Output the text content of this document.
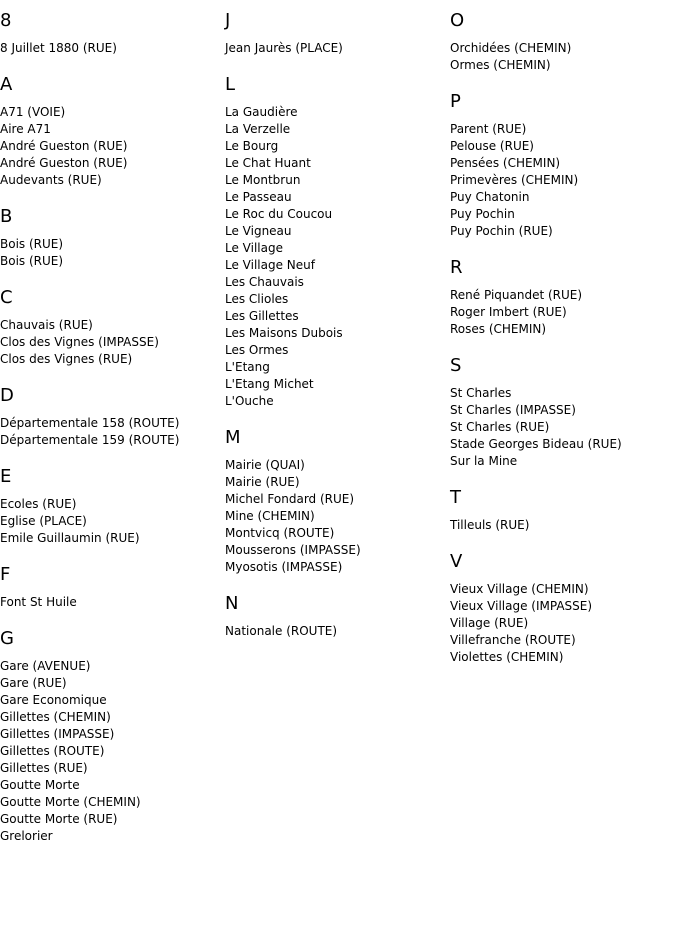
8
8 Juillet 1880 (RUE)
A
A71 (VOIE)
Aire A71
André Gueston (RUE)
André Gueston (RUE)
Audevants (RUE)
B
Bois (RUE)
Bois (RUE)
C
Chauvais (RUE)
Clos des Vignes (IMPASSE)
Clos des Vignes (RUE)
D
Départementale 158 (ROUTE)
Départementale 159 (ROUTE)
E
Ecoles (RUE)
Eglise (PLACE)
Emile Guillaumin (RUE)
F
Font St Huile
G
Gare (AVENUE)
Gare (RUE)
Gare Economique
Gillettes (CHEMIN)
Gillettes (IMPASSE)
Gillettes (ROUTE)
Gillettes (RUE)
Goutte Morte
Goutte Morte (CHEMIN)
Goutte Morte (RUE)
Grelorier
J
Jean Jaurès (PLACE)
L
La Gaudière
La Verzelle
Le Bourg
Le Chat Huant
Le Montbrun
Le Passeau
Le Roc du Coucou
Le Vigneau
Le Village
Le Village Neuf
Les Chauvais
Les Clioles
Les Gillettes
Les Maisons Dubois
Les Ormes
L'Etang
L'Etang Michet
L'Ouche
M
Mairie (QUAI)
Mairie (RUE)
Michel Fondard (RUE)
Mine (CHEMIN)
Montvicq (ROUTE)
Mousserons (IMPASSE)
Myosotis (IMPASSE)
N
Nationale (ROUTE)
O
Orchidées (CHEMIN)
Ormes (CHEMIN)
P
Parent (RUE)
Pelouse (RUE)
Pensées (CHEMIN)
Primevères (CHEMIN)
Puy Chatonin
Puy Pochin
Puy Pochin (RUE)
R
René Piquandet (RUE)
Roger Imbert (RUE)
Roses (CHEMIN)
S
St Charles
St Charles (IMPASSE)
St Charles (RUE)
Stade Georges Bideau (RUE)
Sur la Mine
T
Tilleuls (RUE)
V
Vieux Village (CHEMIN)
Vieux Village (IMPASSE)
Village (RUE)
Villefranche (ROUTE)
Violettes (CHEMIN)
